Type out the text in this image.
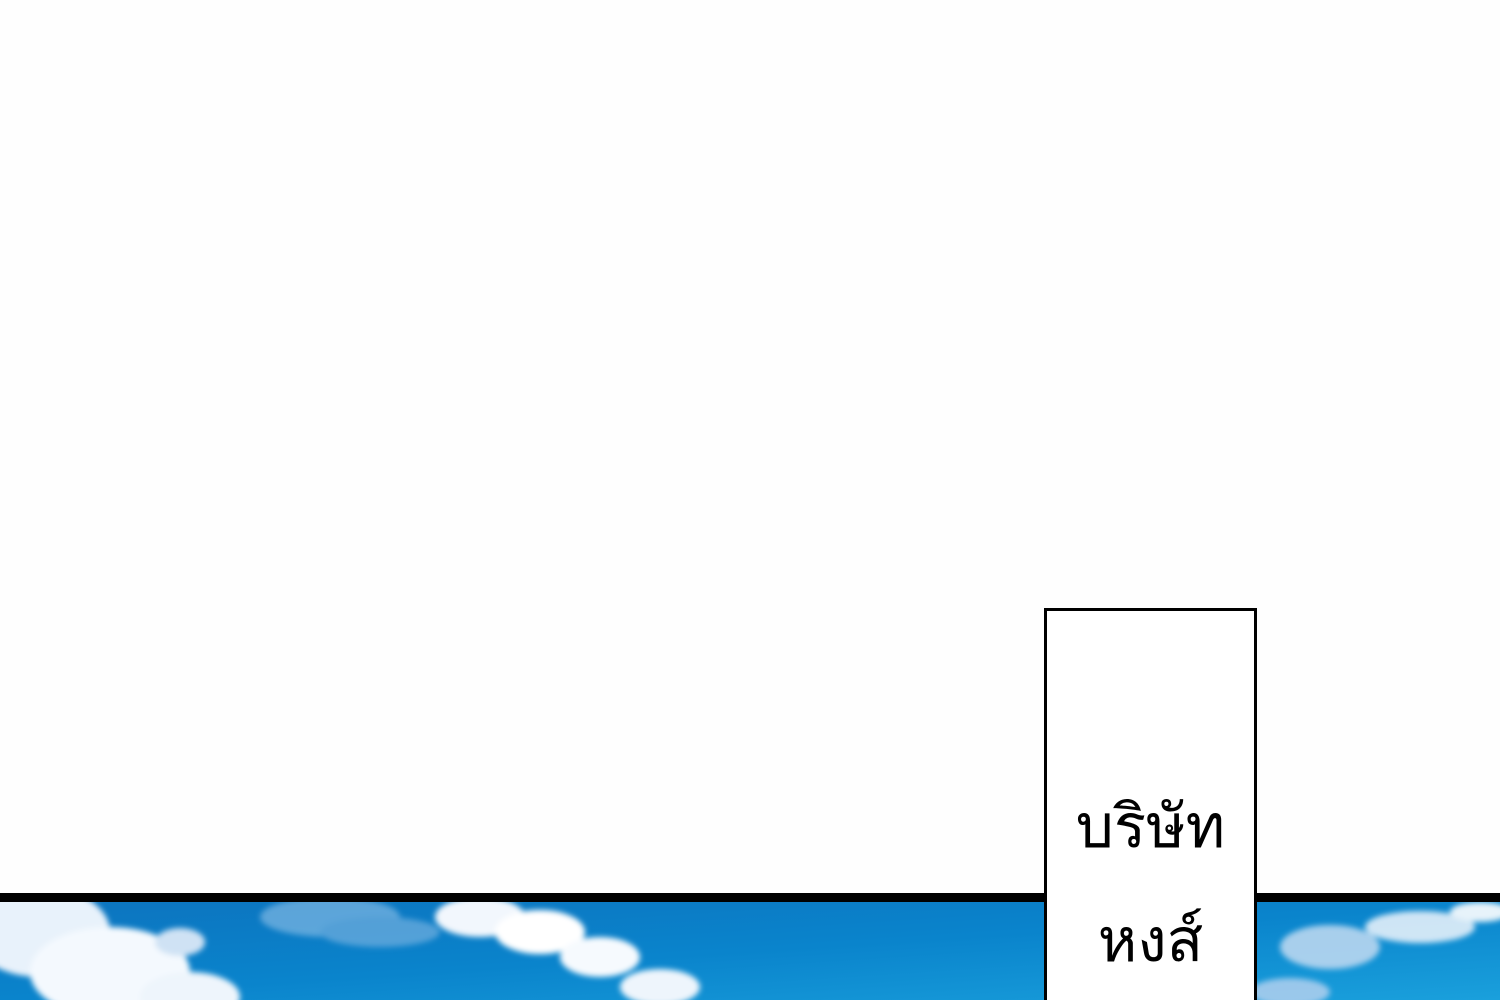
บริษัท
หงส์
